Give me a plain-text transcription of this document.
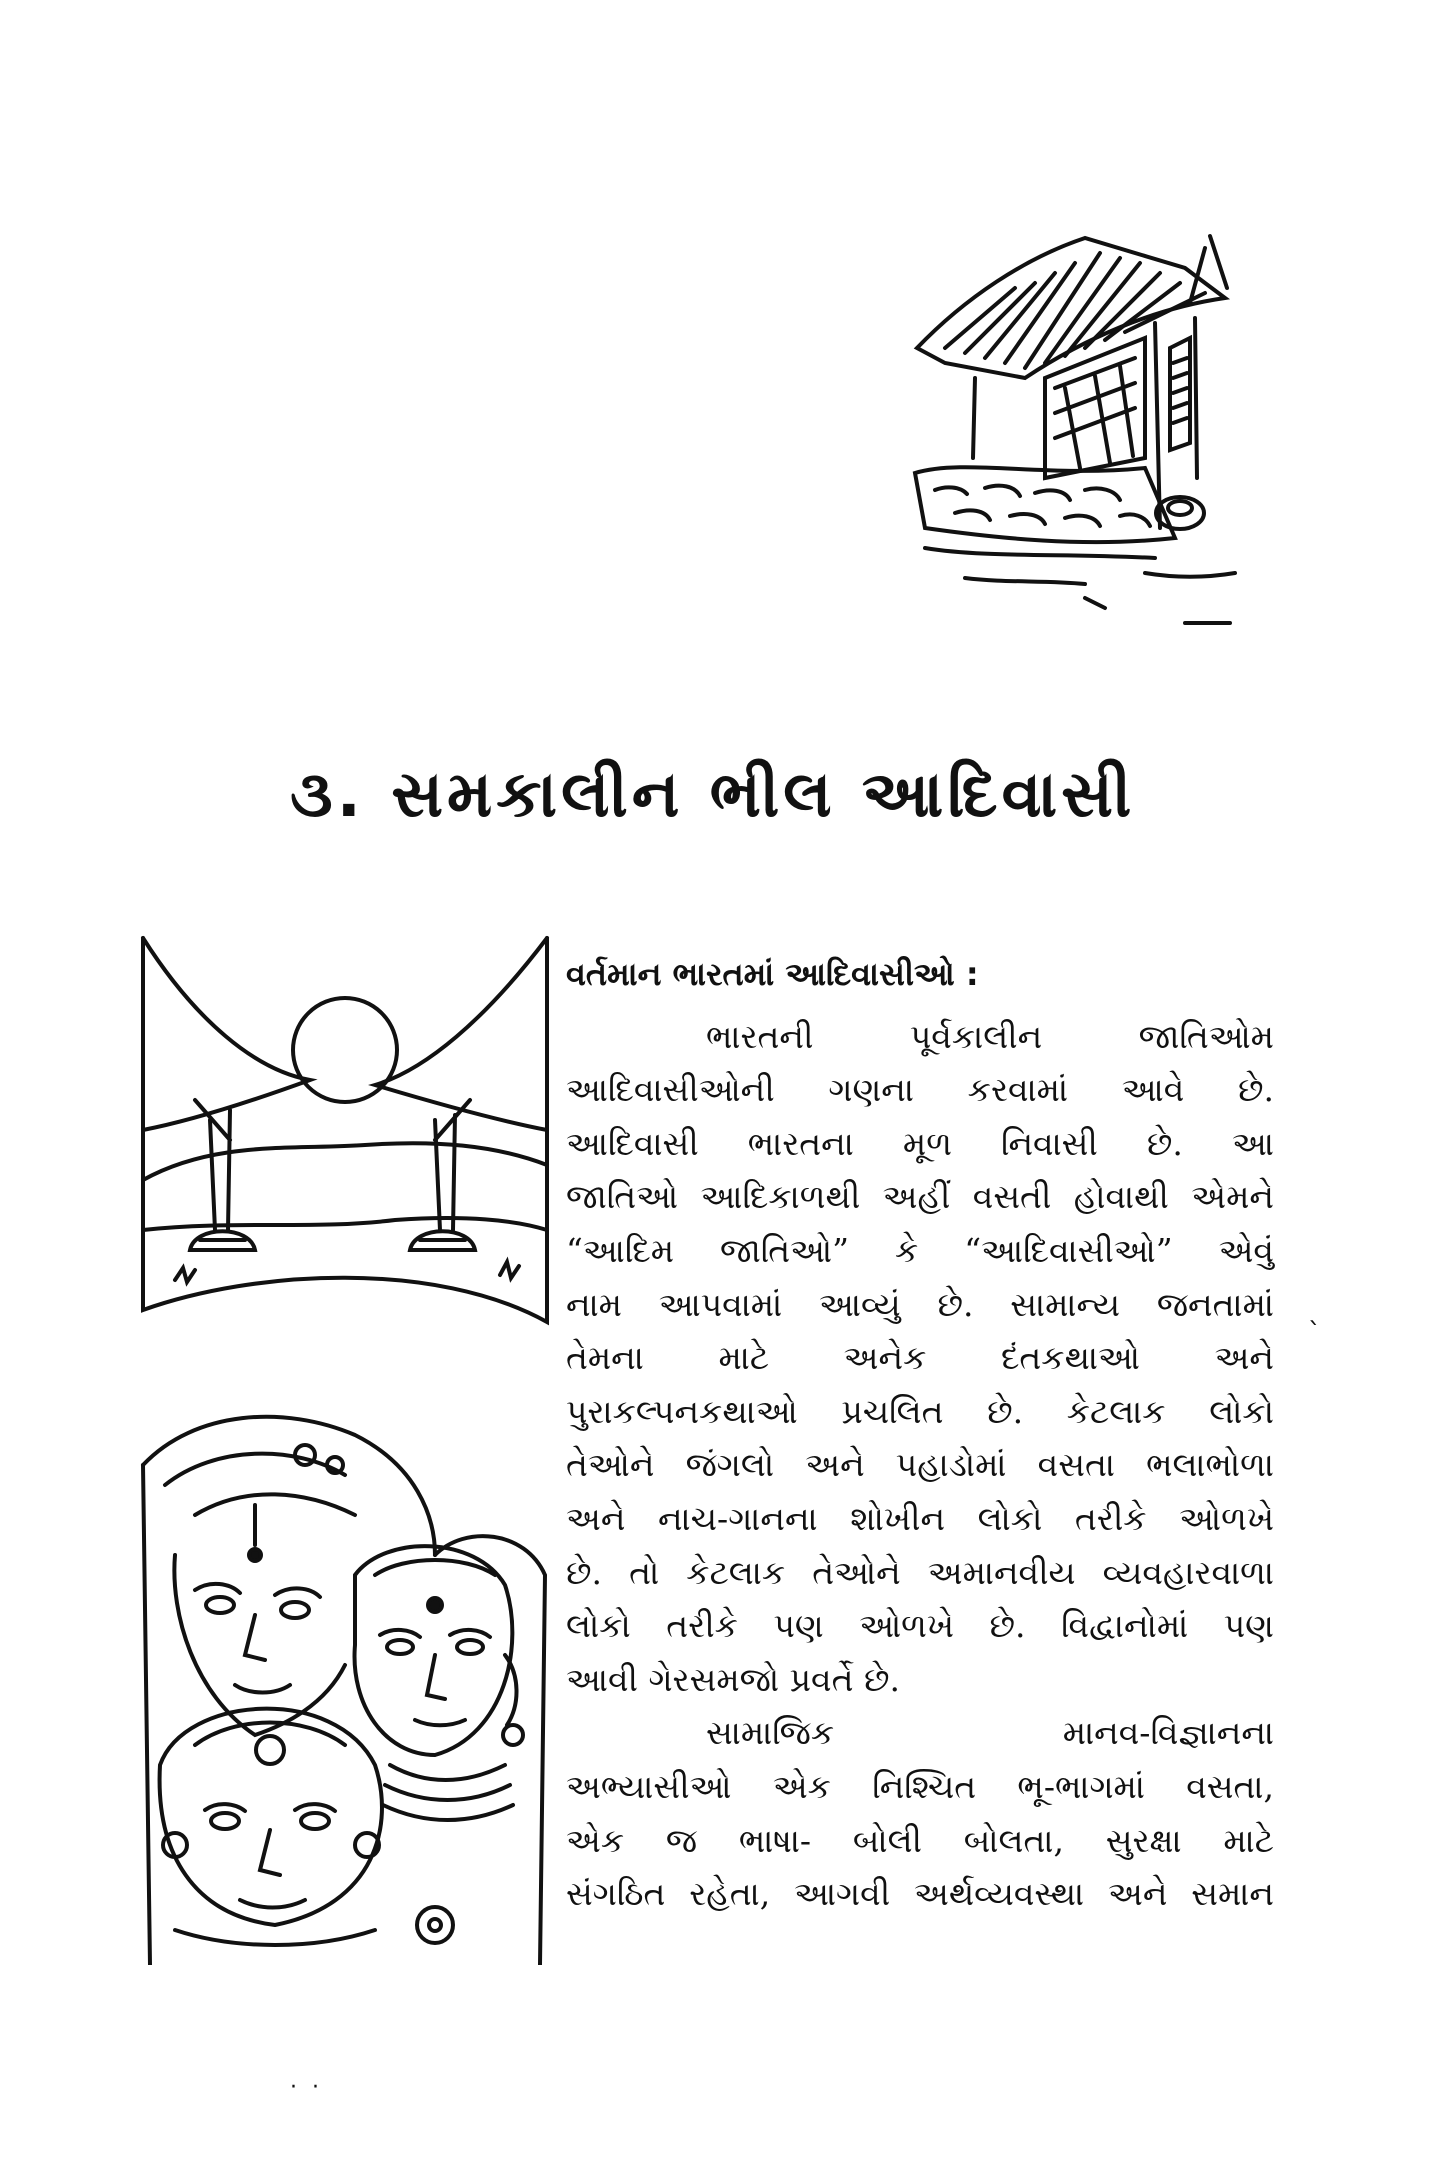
૩. સમકાલીન ભીલ આદિવાસી
વર્તમાન ભારતમાં આદિવાસીઓ :
ભારતની	પૂર્વકાલીન	જાતિઓમ
આદિવાસીઓની ગણના કરવામાં આવે છે.
આદિવાસી ભારતના મૂળ નિવાસી છે. આ
જાતિઓ આદિકાળથી અહીં વસતી હોવાથી એમને
“આદિમ જાતિઓ” કે “આદિવાસીઓ” એવું
નામ આપવામાં આવ્યું છે. સામાન્ય જનતામાં
તેમના માટે અનેક દંતકથાઓ અને
પુરાકલ્પનકથાઓ પ્રચલિત છે. કેટલાક લોકો
તેઓને જંગલો અને પહાડોમાં વસતા ભલાભોળા
અને નાચ-ગાનના શોખીન લોકો તરીકે ઓળખે
છે. તો કેટલાક તેઓને અમાનવીય વ્યવહારવાળા
લોકો તરીકે પણ ઓળખે છે. વિદ્વાનોમાં પણ
આવી ગેરસમજો પ્રવર્તે છે.
સામાજિક	માનવ-વિજ્ઞાનના
અભ્યાસીઓ એક નિશ્ચિત ભૂ-ભાગમાં વસતા,
એક જ ભાષા- બોલી બોલતા, સુરક્ષા માટે
સંગઠિત રહેતા, આગવી અર્થવ્યવસ્થા અને સમાન
ˋ
· ·
